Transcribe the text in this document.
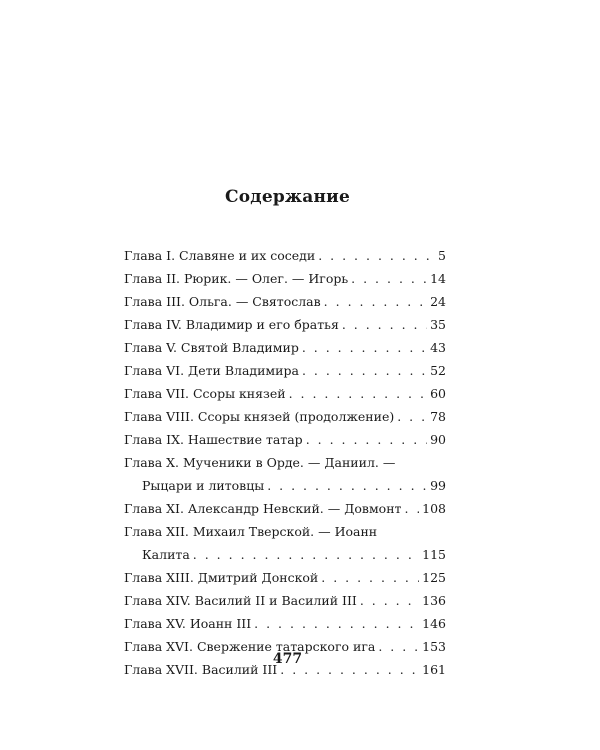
Содержание
Глава I. Славяне и их соседи . . .	5
Глава II. Рюрик. — Олег. — Игорь . . .	14
Глава III. Ольга. — Святослав . . .	24
Глава IV. Владимир и его братья . . .	35
Глава V. Святой Владимир . . .	43
Глава VI. Дети Владимира . . .	52
Глава VII. Ссоры князей . . .	60
Глава VIII. Ссоры князей (продолжение) . . .	78
Глава IX. Нашествие татар . . .	90
Глава X. Мученики в Орде. — Даниил. —
Рыцари и литовцы . . .	99
Глава XI. Александр Невский. — Довмонт . . . 108
Глава XII. Михаил Тверской. — Иоанн
Калита . . .	115
Глава XIII. Дмитрий Донской . . .	125
Глава XIV. Василий II и Василий III . . .	136
Глава XV. Иоанн III . . .	146
Глава XVI. Свержение татарского ига . . .	153
Глава XVII. Василий III . . .	161
477
